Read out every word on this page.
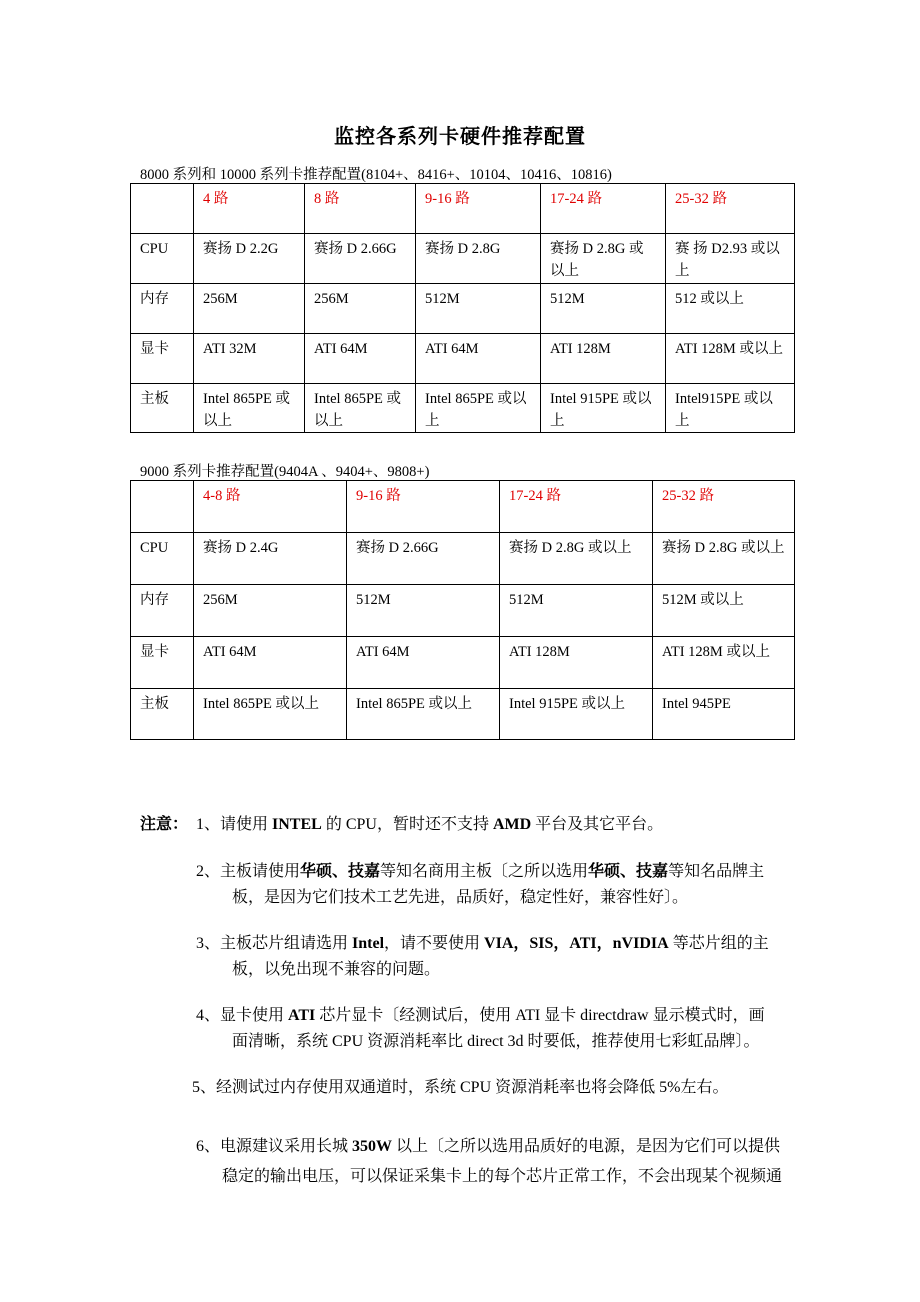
监控各系列卡硬件推荐配置
8000 系列和 10000 系列卡推荐配置(8104+、8416+、10104、10416、10816)
	4 路	8 路	9-16 路	17-24 路	25-32 路
CPU	赛扬 D 2.2G	赛扬 D 2.66G	赛扬 D 2.8G	赛扬 D 2.8G 或以上	赛 扬 D2.93 或以上
内存	256M	256M	512M	512M	512 或以上
显卡	ATI 32M	ATI 64M	ATI 64M	ATI 128M	ATI 128M 或以上
主板	Intel 865PE 或以上	Intel 865PE 或以上	Intel 865PE 或以上	Intel 915PE 或以上	Intel915PE 或以上
9000 系列卡推荐配置(9404A 、9404+、9808+)
	4-8 路	9-16 路	17-24 路	25-32 路
CPU	赛扬 D 2.4G	赛扬 D 2.66G	赛扬 D 2.8G 或以上	赛扬 D 2.8G 或以上
内存	256M	512M	512M	512M 或以上
显卡	ATI 64M	ATI 64M	ATI 128M	ATI 128M 或以上
主板	Intel 865PE 或以上	Intel 865PE 或以上	Intel 915PE 或以上	Intel 945PE
注意： 1、请使用 INTEL 的 CPU，暂时还不支持 AMD 平台及其它平台。
2、主板请使用华硕、技嘉等知名商用主板〔之所以选用华硕、技嘉等知名品牌主
板，是因为它们技术工艺先进，品质好，稳定性好，兼容性好〕。
3、主板芯片组请选用 Intel，请不要使用 VIA，SIS，ATI，nVIDIA 等芯片组的主
板，以免出现不兼容的问题。
4、显卡使用 ATI 芯片显卡〔经测试后，使用 ATI 显卡 directdraw 显示模式时，画
面清晰，系统 CPU 资源消耗率比 direct 3d 时要低，推荐使用七彩虹品牌〕。
5、经测试过内存使用双通道时，系统 CPU 资源消耗率也将会降低 5%左右。
6、电源建议采用长城 350W 以上〔之所以选用品质好的电源，是因为它们可以提供
稳定的输出电压，可以保证采集卡上的每个芯片正常工作，不会出现某个视频通
